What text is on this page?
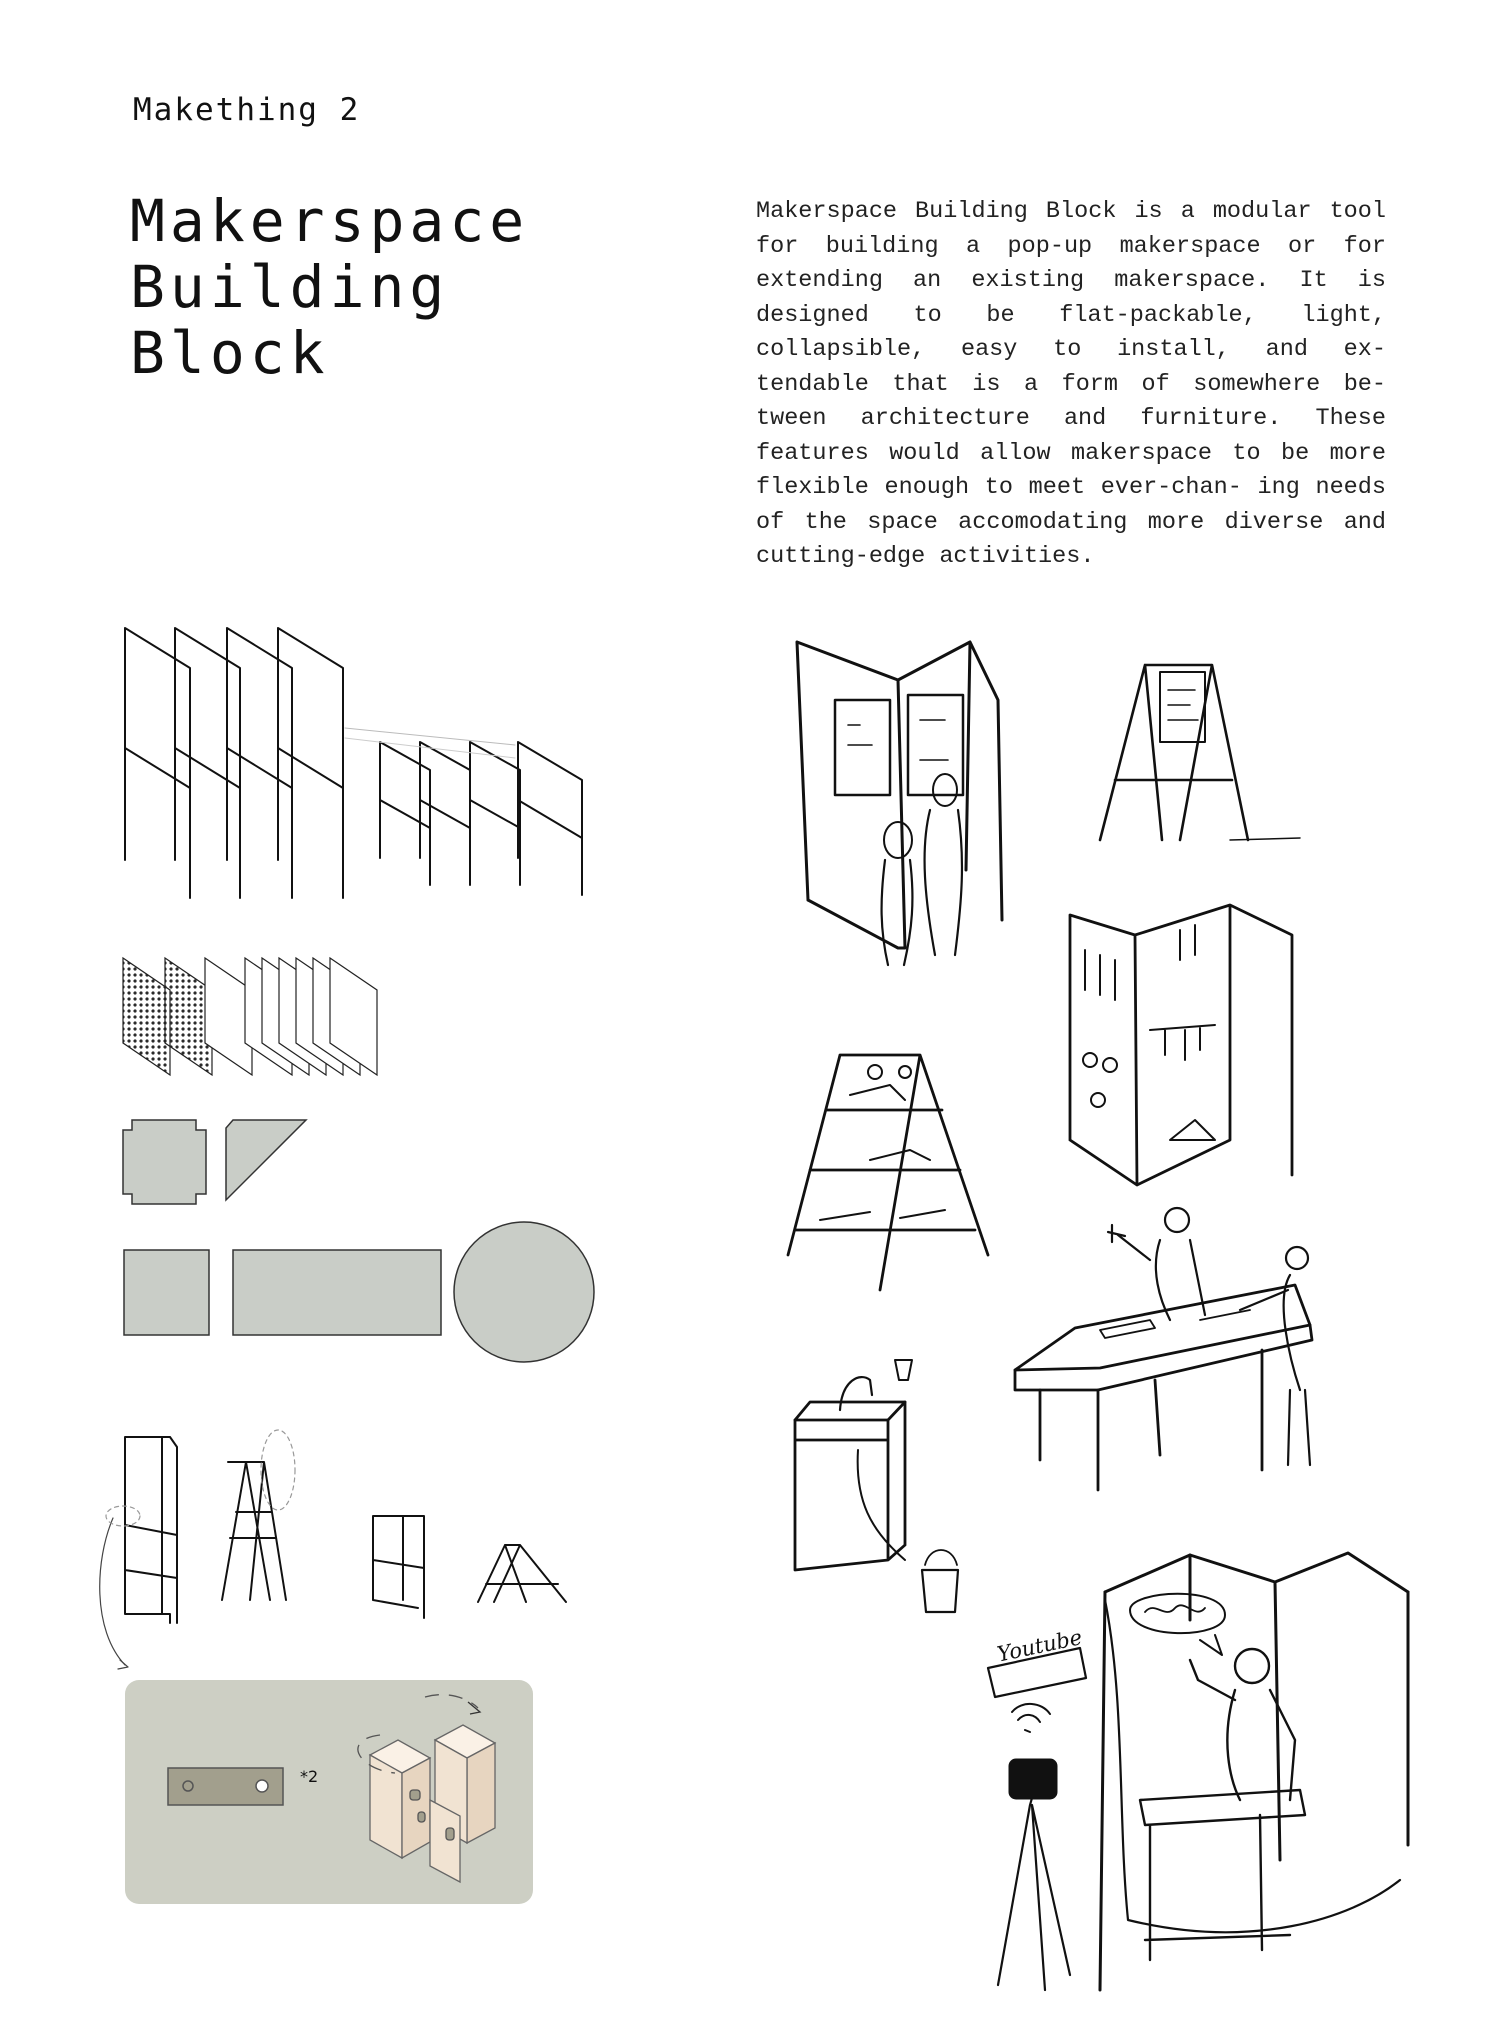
Makething 2
Makerspace
Building
Block
Makerspace Building Block is a modular tool for building a pop-up makerspace or for extending an existing makerspace. It is designed to be flat-packable, light, collapsible, easy to install, and ex- tendable that is a form of somewhere be- tween architecture and furniture. These features would allow makerspace to be more flexible enough to meet ever-chan- ing needs of the space accomodating more diverse and cutting-edge activities.
*2
Youtube
